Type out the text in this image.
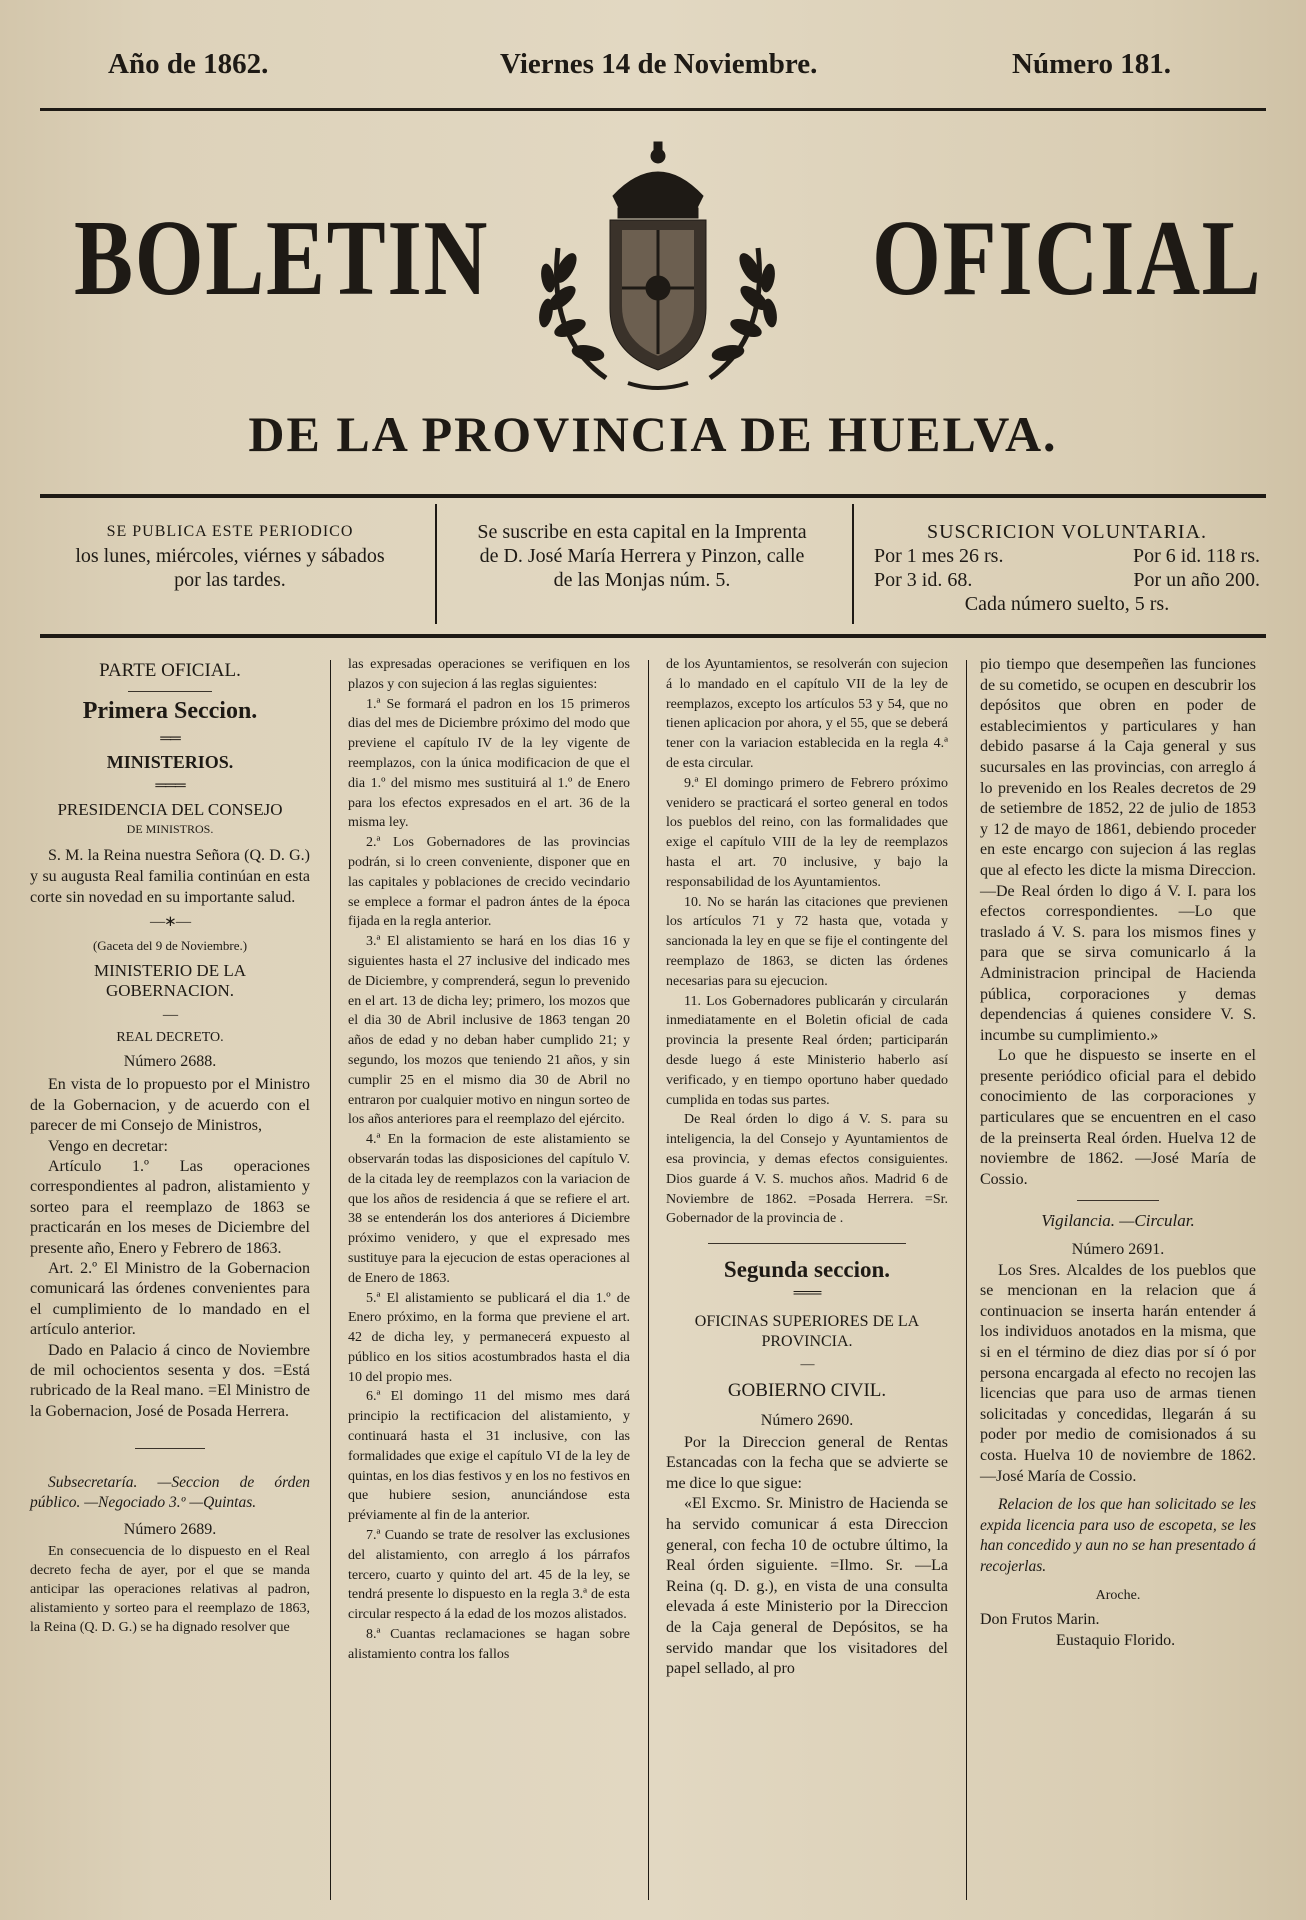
Año de 1862.	Viernes 14 de Noviembre.	Número 181.
BOLETIN	OFICIAL
DE LA PROVINCIA DE HUELVA.
SE PUBLICA ESTE PERIODICO
los lunes, miércoles, viérnes y sábados
por las tardes.
Se suscribe en esta capital en la Imprenta
de D. José María Herrera y Pinzon, calle
de las Monjas núm. 5.
SUSCRICION VOLUNTARIA.
Por 1 mes 26 rs.	Por 6 id. 118 rs.
Por 3 id. 68.	Por un año 200.
Cada número suelto, 5 rs.
PARTE OFICIAL.
Primera Seccion.
══
MINISTERIOS.
═══
PRESIDENCIA DEL CONSEJO
DE MINISTROS.

S. M. la Reina nuestra Señora (Q. D. G.) y su augusta Real familia continúan en esta corte sin novedad en su importante salud.

—∗—
(Gaceta del 9 de Noviembre.)
MINISTERIO DE LA GOBERNACION.
—
REAL DECRETO.
Número 2688.

En vista de lo propuesto por el Ministro de la Gobernacion, y de acuerdo con el parecer de mi Consejo de Ministros,

Vengo en decretar:

Artículo 1.º Las operaciones correspondientes al padron, alistamiento y sorteo para el reemplazo de 1863 se practicarán en los meses de Diciembre del presente año, Enero y Febrero de 1863.

Art. 2.º El Ministro de la Gobernacion comunicará las órdenes convenientes para el cumplimiento de lo mandado en el artículo anterior.

Dado en Palacio á cinco de Noviembre de mil ochocientos sesenta y dos. =Está rubricado de la Real mano. =El Ministro de la Gobernacion, José de Posada Herrera.

Subsecretaría. —Seccion de órden público. —Negociado 3.º —Quintas.

Número 2689.

En consecuencia de lo dispuesto en el Real decreto fecha de ayer, por el que se manda anticipar las operaciones relativas al padron, alistamiento y sorteo para el reemplazo de 1863, la Reina (Q. D. G.) se ha dignado resolver que

las expresadas operaciones se verifiquen en los plazos y con sujecion á las reglas siguientes:

1.ª Se formará el padron en los 15 primeros dias del mes de Diciembre próximo del modo que previene el capítulo IV de la ley vigente de reemplazos, con la única modificacion de que el dia 1.º del mismo mes sustituirá al 1.º de Enero para los efectos expresados en el art. 36 de la misma ley.

2.ª Los Gobernadores de las provincias podrán, si lo creen conveniente, disponer que en las capitales y poblaciones de crecido vecindario se emplece a formar el padron ántes de la época fijada en la regla anterior.

3.ª El alistamiento se hará en los dias 16 y siguientes hasta el 27 inclusive del indicado mes de Diciembre, y comprenderá, segun lo prevenido en el art. 13 de dicha ley; primero, los mozos que el dia 30 de Abril inclusive de 1863 tengan 20 años de edad y no deban haber cumplido 21; y segundo, los mozos que teniendo 21 años, y sin cumplir 25 en el mismo dia 30 de Abril no entraron por cualquier motivo en ningun sorteo de los años anteriores para el reemplazo del ejército.

4.ª En la formacion de este alistamiento se observarán todas las disposiciones del capítulo V. de la citada ley de reemplazos con la variacion de que los años de residencia á que se refiere el art. 38 se entenderán los dos anteriores á Diciembre próximo venidero, y que el expresado mes sustituye para la ejecucion de estas operaciones al de Enero de 1863.

5.ª El alistamiento se publicará el dia 1.º de Enero próximo, en la forma que previene el art. 42 de dicha ley, y permanecerá expuesto al público en los sitios acostumbrados hasta el dia 10 del propio mes.

6.ª El domingo 11 del mismo mes dará principio la rectificacion del alistamiento, y continuará hasta el 31 inclusive, con las formalidades que exige el capítulo VI de la ley de quintas, en los dias festivos y en los no festivos en que hubiere sesion, anunciándose esta préviamente al fin de la anterior.

7.ª Cuando se trate de resolver las exclusiones del alistamiento, con arreglo á los párrafos tercero, cuarto y quinto del art. 45 de la ley, se tendrá presente lo dispuesto en la regla 3.ª de esta circular respecto á la edad de los mozos alistados.

8.ª Cuantas reclamaciones se hagan sobre alistamiento contra los fallos

de los Ayuntamientos, se resolverán con sujecion á lo mandado en el capítulo VII de la ley de reemplazos, excepto los artículos 53 y 54, que no tienen aplicacion por ahora, y el 55, que se deberá tener con la variacion establecida en la regla 4.ª de esta circular.

9.ª El domingo primero de Febrero próximo venidero se practicará el sorteo general en todos los pueblos del reino, con las formalidades que exige el capítulo VIII de la ley de reemplazos hasta el art. 70 inclusive, y bajo la responsabilidad de los Ayuntamientos.

10. No se harán las citaciones que previenen los artículos 71 y 72 hasta que, votada y sancionada la ley en que se fije el contingente del reemplazo de 1863, se dicten las órdenes necesarias para su ejecucion.

11. Los Gobernadores publicarán y circularán inmediatamente en el Boletin oficial de cada provincia la presente Real órden; participarán desde luego á este Ministerio haberlo así verificado, y en tiempo oportuno haber quedado cumplida en todas sus partes.

De Real órden lo digo á V. S. para su inteligencia, la del Consejo y Ayuntamientos de esa provincia, y demas efectos consiguientes. Dios guarde á V. S. muchos años. Madrid 6 de Noviembre de 1862. =Posada Herrera. =Sr. Gobernador de la provincia de .

Segunda seccion.
═══
OFICINAS SUPERIORES DE LA PROVINCIA.
—
GOBIERNO CIVIL.
Número 2690.

Por la Direccion general de Rentas Estancadas con la fecha que se advierte se me dice lo que sigue:

«El Excmo. Sr. Ministro de Hacienda se ha servido comunicar á esta Direccion general, con fecha 10 de octubre último, la Real órden siguiente. =Ilmo. Sr. —La Reina (q. D. g.), en vista de una consulta elevada á este Ministerio por la Direccion de la Caja general de Depósitos, se ha servido mandar que los visitadores del papel sellado, al pro

pio tiempo que desempeñen las funciones de su cometido, se ocupen en descubrir los depósitos que obren en poder de establecimientos y particulares y han debido pasarse á la Caja general y sus sucursales en las provincias, con arreglo á lo prevenido en los Reales decretos de 29 de setiembre de 1852, 22 de julio de 1853 y 12 de mayo de 1861, debiendo proceder en este encargo con sujecion á las reglas que al efecto les dicte la misma Direccion. —De Real órden lo digo á V. I. para los efectos correspondientes. —Lo que traslado á V. S. para los mismos fines y para que se sirva comunicarlo á la Administracion principal de Hacienda pública, corporaciones y demas dependencias á quienes considere V. S. incumbe su cumplimiento.»

Lo que he dispuesto se inserte en el presente periódico oficial para el debido conocimiento de las corporaciones y particulares que se encuentren en el caso de la preinserta Real órden. Huelva 12 de noviembre de 1862. —José María de Cossio.

Vigilancia. —Circular.
Número 2691.

Los Sres. Alcaldes de los pueblos que se mencionan en la relacion que á continuacion se inserta harán entender á los individuos anotados en la misma, que si en el término de diez dias por sí ó por persona encargada al efecto no recojen las licencias que para uso de armas tienen solicitadas y concedidas, llegarán á su poder por medio de comisionados á su costa. Huelva 10 de noviembre de 1862. —José María de Cossio.

Relacion de los que han solicitado se les expida licencia para uso de escopeta, se les han concedido y aun no se han presentado á recojerlas.

Aroche.
Don Frutos Marin.
Eustaquio Florido.
